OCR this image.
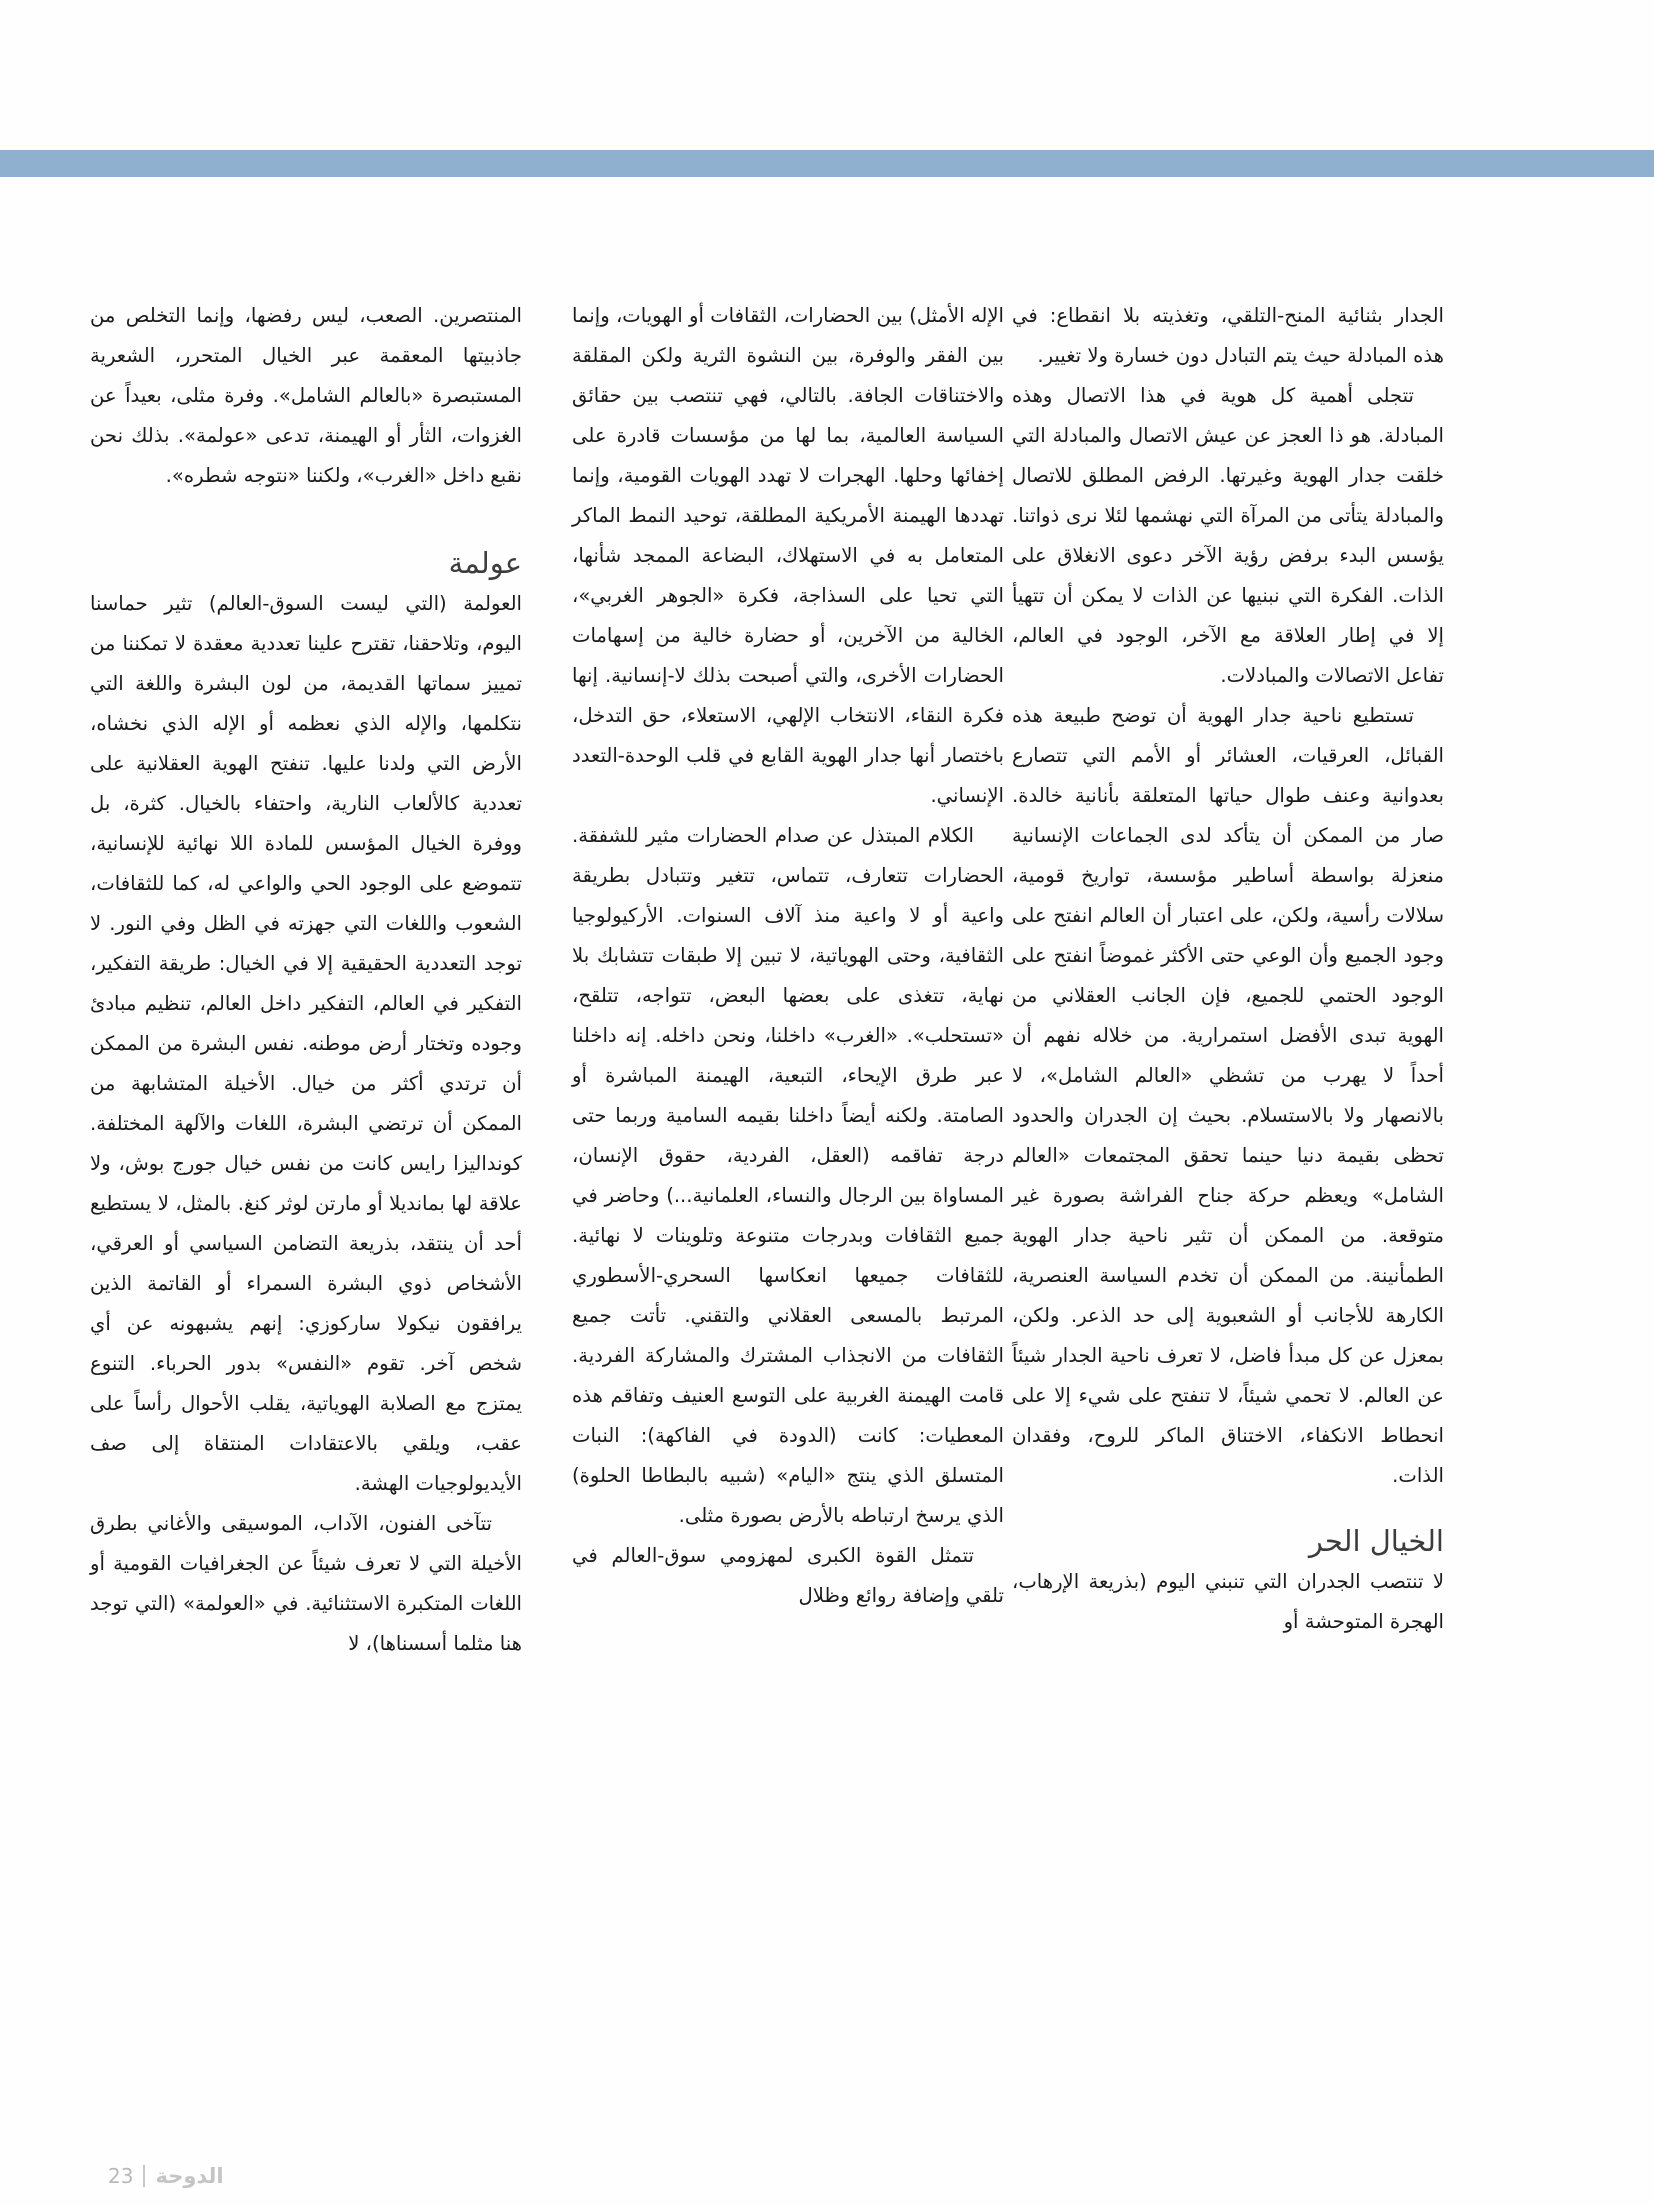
الجدار بثنائية المنح-التلقي، وتغذيته بلا انقطاع: في هذه المبادلة حيث يتم التبادل دون خسارة ولا تغيير.

تتجلى أهمية كل هوية في هذا الاتصال وهذه المبادلة. هو ذا العجز عن عيش الاتصال والمبادلة التي خلقت جدار الهوية وغيرتها. الرفض المطلق للاتصال والمبادلة يتأتى من المرآة التي نهشمها لئلا نرى ذواتنا. يؤسس البدء برفض رؤية الآخر دعوى الانغلاق على الذات. الفكرة التي نبنيها عن الذات لا يمكن أن تتهيأ إلا في إطار العلاقة مع الآخر، الوجود في العالم، تفاعل الاتصالات والمبادلات.

تستطيع ناحية جدار الهوية أن توضح طبيعة هذه القبائل، العرقيات، العشائر أو الأمم التي تتصارع بعدوانية وعنف طوال حياتها المتعلقة بأنانية خالدة. صار من الممكن أن يتأكد لدى الجماعات الإنسانية منعزلة بواسطة أساطير مؤسسة، تواريخ قومية، سلالات رأسية، ولكن، على اعتبار أن العالم انفتح على وجود الجميع وأن الوعي حتى الأكثر غموضاً انفتح على الوجود الحتمي للجميع، فإن الجانب العقلاني من الهوية تبدى الأفضل استمرارية. من خلاله نفهم أن أحداً لا يهرب من تشظي «العالم الشامل»، لا بالانصهار ولا بالاستسلام. بحيث إن الجدران والحدود تحظى بقيمة دنيا حينما تحقق المجتمعات «العالم الشامل» ويعظم حركة جناح الفراشة بصورة غير متوقعة. من الممكن أن تثير ناحية جدار الهوية الطمأنينة. من الممكن أن تخدم السياسة العنصرية، الكارهة للأجانب أو الشعبوية إلى حد الذعر. ولكن، بمعزل عن كل مبدأ فاضل، لا تعرف ناحية الجدار شيئاً عن العالم. لا تحمي شيئاً، لا تنفتح على شيء إلا على انحطاط الانكفاء، الاختناق الماكر للروح، وفقدان الذات.

الخيال الحر

لا تنتصب الجدران التي تنبني اليوم (بذريعة الإرهاب، الهجرة المتوحشة أو

الإله الأمثل) بين الحضارات، الثقافات أو الهويات، وإنما بين الفقر والوفرة، بين النشوة الثرية ولكن المقلقة والاختناقات الجافة. بالتالي، فهي تنتصب بين حقائق السياسة العالمية، بما لها من مؤسسات قادرة على إخفائها وحلها. الهجرات لا تهدد الهويات القومية، وإنما تهددها الهيمنة الأمريكية المطلقة، توحيد النمط الماكر المتعامل به في الاستهلاك، البضاعة الممجد شأنها، التي تحيا على السذاجة، فكرة «الجوهر الغربي»، الخالية من الآخرين، أو حضارة خالية من إسهامات الحضارات الأخرى، والتي أصبحت بذلك لا-إنسانية. إنها فكرة النقاء، الانتخاب الإلهي، الاستعلاء، حق التدخل، باختصار أنها جدار الهوية القابع في قلب الوحدة-التعدد الإنساني.

الكلام المبتذل عن صدام الحضارات مثير للشفقة. الحضارات تتعارف، تتماس، تتغير وتتبادل بطريقة واعية أو لا واعية منذ آلاف السنوات. الأركيولوجيا الثقافية، وحتى الهوياتية، لا تبين إلا طبقات تتشابك بلا نهاية، تتغذى على بعضها البعض، تتواجه، تتلقح، «تستحلب». «الغرب» داخلنا، ونحن داخله. إنه داخلنا عبر طرق الإيحاء، التبعية، الهيمنة المباشرة أو الصامتة. ولكنه أيضاً داخلنا بقيمه السامية وربما حتى درجة تفاقمه (العقل، الفردية، حقوق الإنسان، المساواة بين الرجال والنساء، العلمانية...) وحاضر في جميع الثقافات وبدرجات متنوعة وتلوينات لا نهائية. للثقافات جميعها انعكاسها السحري-الأسطوري المرتبط بالمسعى العقلاني والتقني. تأتت جميع الثقافات من الانجذاب المشترك والمشاركة الفردية. قامت الهيمنة الغربية على التوسع العنيف وتفاقم هذه المعطيات: كانت (الدودة في الفاكهة): النبات المتسلق الذي ينتج «اليام» (شبيه بالبطاطا الحلوة) الذي يرسخ ارتباطه بالأرض بصورة مثلى.

تتمثل القوة الكبرى لمهزومي سوق-العالم في تلقي وإضافة روائع وظلال

المنتصرين. الصعب، ليس رفضها، وإنما التخلص من جاذبيتها المعقمة عبر الخيال المتحرر، الشعرية المستبصرة «بالعالم الشامل». وفرة مثلى، بعيداً عن الغزوات، الثأر أو الهيمنة، تدعى «عولمة». بذلك نحن نقبع داخل «الغرب»، ولكننا «نتوجه شطره».

عولمة

العولمة (التي ليست السوق-العالم) تثير حماسنا اليوم، وتلاحقنا، تقترح علينا تعددية معقدة لا تمكننا من تمييز سماتها القديمة، من لون البشرة واللغة التي نتكلمها، والإله الذي نعظمه أو الإله الذي نخشاه، الأرض التي ولدنا عليها. تنفتح الهوية العقلانية على تعددية كالألعاب النارية، واحتفاء بالخيال. كثرة، بل ووفرة الخيال المؤسس للمادة اللا نهائية للإنسانية، تتموضع على الوجود الحي والواعي له، كما للثقافات، الشعوب واللغات التي جهزته في الظل وفي النور. لا توجد التعددية الحقيقية إلا في الخيال: طريقة التفكير، التفكير في العالم، التفكير داخل العالم، تنظيم مبادئ وجوده وتختار أرض موطنه. نفس البشرة من الممكن أن ترتدي أكثر من خيال. الأخيلة المتشابهة من الممكن أن ترتضي البشرة، اللغات والآلهة المختلفة. كونداليزا رايس كانت من نفس خيال جورج بوش، ولا علاقة لها بمانديلا أو مارتن لوثر كنغ. بالمثل، لا يستطيع أحد أن ينتقد، بذريعة التضامن السياسي أو العرقي، الأشخاص ذوي البشرة السمراء أو القاتمة الذين يرافقون نيكولا ساركوزي: إنهم يشبهونه عن أي شخص آخر. تقوم «النفس» بدور الحرباء. التنوع يمتزج مع الصلابة الهوياتية، يقلب الأحوال رأساً على عقب، ويلقي بالاعتقادات المنتقاة إلى صف الأيديولوجيات الهشة.

تتآخى الفنون، الآداب، الموسيقى والأغاني بطرق الأخيلة التي لا تعرف شيئاً عن الجغرافيات القومية أو اللغات المتكبرة الاستثنائية. في «العولمة» (التي توجد هنا مثلما أسسناها)، لا

23 الدوحة
